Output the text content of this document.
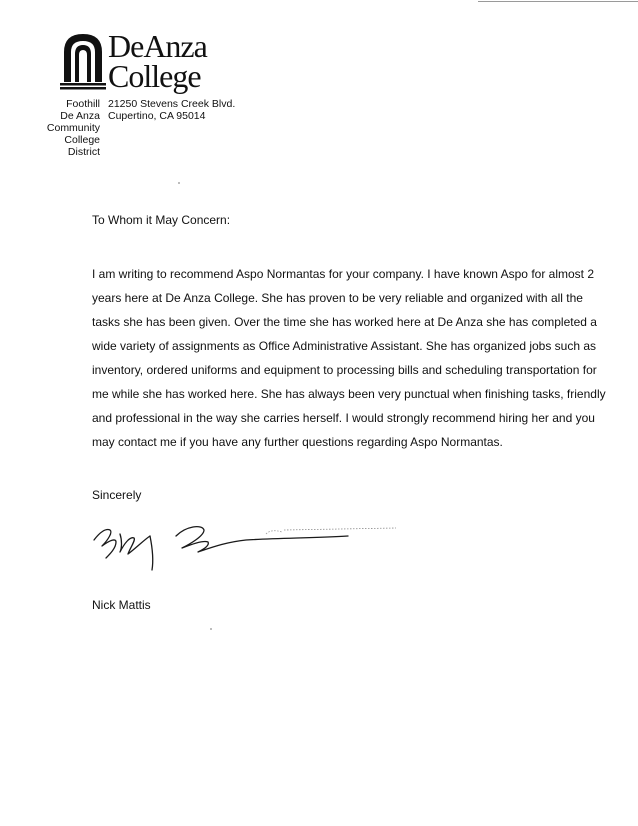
DeAnza
College
Foothill
De Anza
Community
College
District
21250 Stevens Creek Blvd.
Cupertino, CA 95014
To Whom it May Concern:
I am writing to recommend Aspo Normantas for your company. I have known Aspo for almost 2
years here at De Anza College. She has proven to be very reliable and organized with all the
tasks she has been given. Over the time she has worked here at De Anza she has completed a
wide variety of assignments as Office Administrative Assistant. She has organized jobs such as
inventory, ordered uniforms and equipment to processing bills and scheduling transportation for
me while she has worked here. She has always been very punctual when finishing tasks, friendly
and professional in the way she carries herself. I would strongly recommend hiring her and you
may contact me if you have any further questions regarding Aspo Normantas.
Sincerely
Nick Mattis
